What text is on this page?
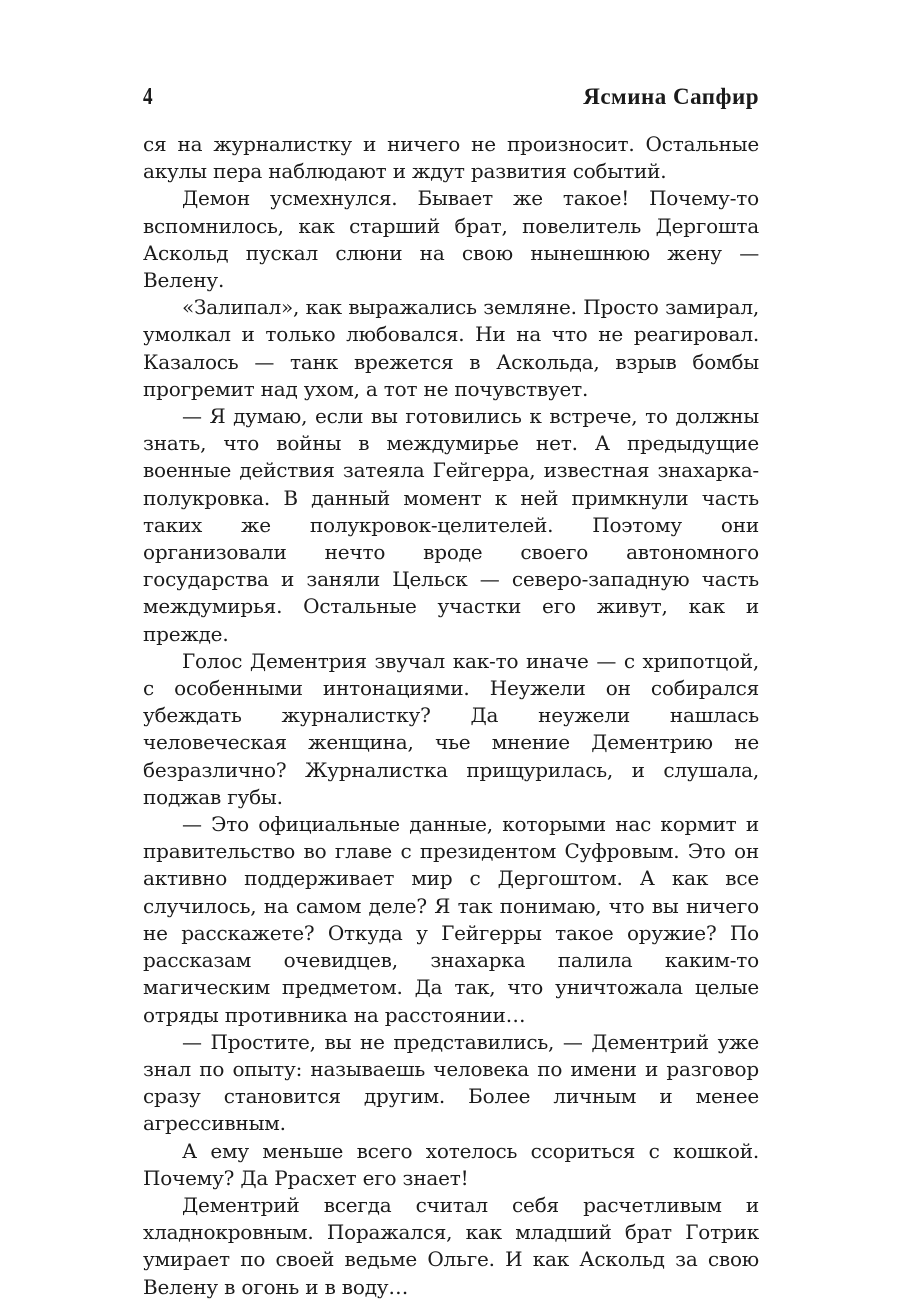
4	Ясмина Сапфир

ся на журналистку и ничего не произносит. Остальные акулы пера наблюдают и ждут развития событий.

Демон усмехнулся. Бывает же такое! Почему-то вспомнилось, как старший брат, повелитель Дергошта Аскольд пускал слюни на свою нынешнюю жену — Велену.

«Залипал», как выражались земляне. Просто замирал, умолкал и только любовался. Ни на что не реагировал. Казалось — танк врежется в Аскольда, взрыв бомбы прогремит над ухом, а тот не почувствует.

— Я думаю, если вы готовились к встрече, то должны знать, что войны в междумирье нет. А предыдущие военные действия затеяла Гейгерра, известная знахарка-полукровка. В данный момент к ней примкнули часть таких же полукровок-целителей. Поэтому они организовали нечто вроде своего автономного государства и заняли Цельск — северо-западную часть междумирья. Остальные участки его живут, как и прежде.

Голос Дементрия звучал как-то иначе — с хрипотцой, с особенными интонациями. Неужели он собирался убеждать журналистку? Да неужели нашлась человеческая женщина, чье мнение Дементрию не безразлично? Журналистка прищурилась, и слушала, поджав губы.

— Это официальные данные, которыми нас кормит и правительство во главе с президентом Суфровым. Это он активно поддерживает мир с Дергоштом. А как все случилось, на самом деле? Я так понимаю, что вы ничего не расскажете? Откуда у Гейгерры такое оружие? По рассказам очевидцев, знахарка палила каким-то магическим предметом. Да так, что уничтожала целые отряды противника на расстоянии…

— Простите, вы не представились, — Дементрий уже знал по опыту: называешь человека по имени и разговор сразу становится другим. Более личным и менее агрессивным.

А ему меньше всего хотелось ссориться с кошкой. Почему? Да Ррасхет его знает!

Дементрий всегда считал себя расчетливым и хладнокровным. Поражался, как младший брат Готрик умирает по своей ведьме Ольге. И как Аскольд за свою Велену в огонь и в воду…
